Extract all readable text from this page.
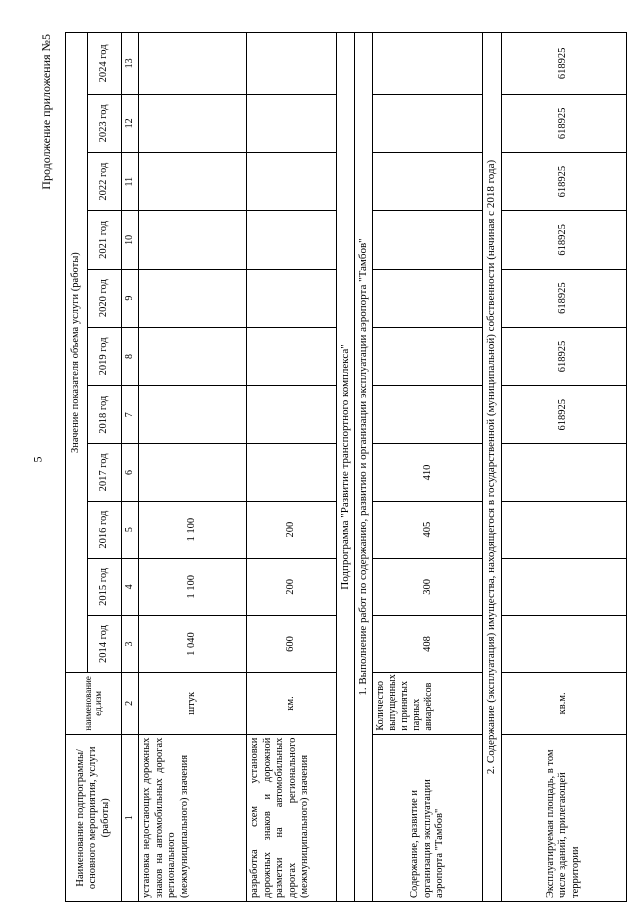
5
Продолжение приложения №5
Наименование подпрограммы/ основного мероприятия, услуги (работы)	наименование ед.изм	Значение показателя объема услуги (работы)										
		2014 год	2015 год	2016 год	2017 год	2018 год	2019 год	2020 год	2021 год	2022 год	2023 год	2024 год
1	2	3	4	5	6	7	8	9	10	11	12	13
установка недостающих дорожных знаков на автомобильных дорогах регионального (межмуниципального) значения	штук	1 040	1 100	1 100								
разработка схем установки дорожных знаков и дорожной разметки на автомобильных дорогах регионального (межмуниципального) значения	км.	600	200	200								
Подпрограмма "Развитие транспортного комплекса"												
1. Выполнение работ по содержанию, развитию и организации эксплуатации аэропорта "Тамбов"												
Содержание, развитие и организация эксплуатации аэропорта "Тамбов"	Количество выпущенных и принятых парных авиарейсов	408	300	405	410							
2. Содержание (эксплуатация) имущества, находящегося в государственной (муниципальной) собственности (начиная с 2018 года)												
Эксплуатируемая площадь, в том числе зданий, прилегающей территории	кв.м.					618925	618925	618925	618925	618925	618925	618925
